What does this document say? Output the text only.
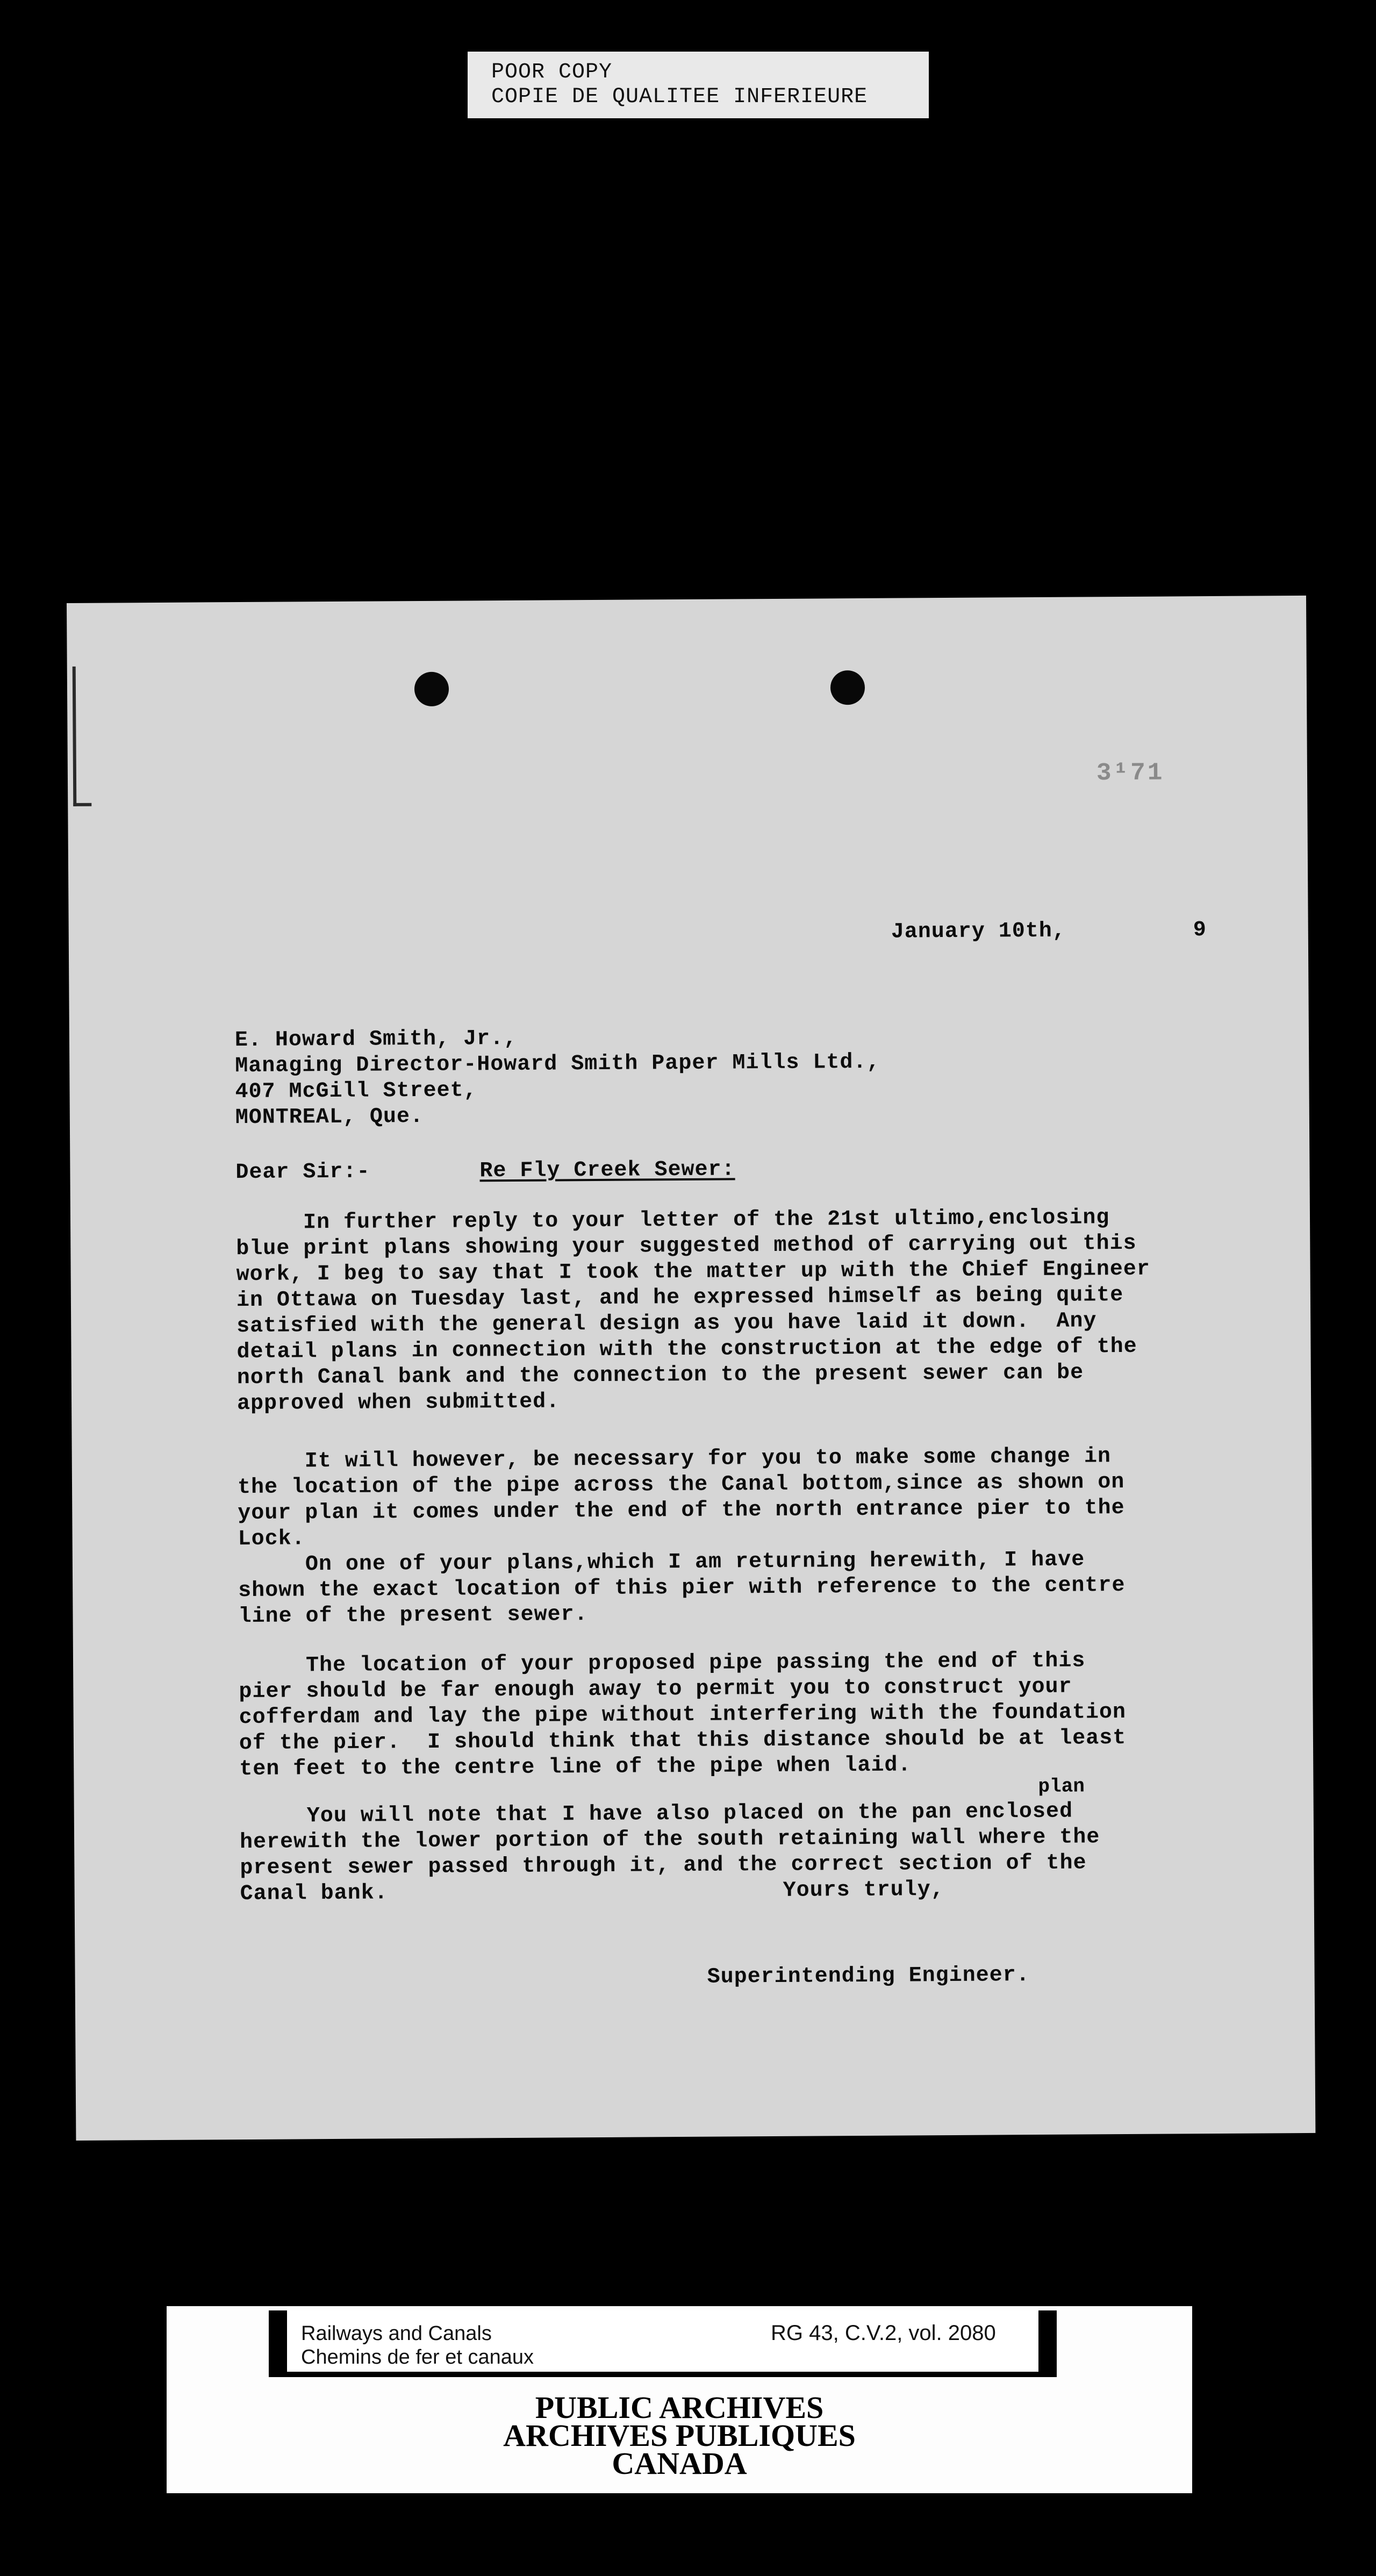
POOR COPY
COPIE DE QUALITEE INFERIEURE
3¹71
January 10th,	9
E. Howard Smith, Jr.,
Managing Director-Howard Smith Paper Mills Ltd.,
407 McGill Street,
MONTREAL, Que.
Dear Sir:-	Re Fly Creek Sewer:
In further reply to your letter of the 21st ultimo,enclosing
blue print plans showing your suggested method of carrying out this
work, I beg to say that I took the matter up with the Chief Engineer
in Ottawa on Tuesday last, and he expressed himself as being quite
satisfied with the general design as you have laid it down.  Any
detail plans in connection with the construction at the edge of the
north Canal bank and the connection to the present sewer can be
approved when submitted.
It will however, be necessary for you to make some change in
the location of the pipe across the Canal bottom,since as shown on
your plan it comes under the end of the north entrance pier to the
Lock.
On one of your plans,which I am returning herewith, I have
shown the exact location of this pier with reference to the centre
line of the present sewer.
The location of your proposed pipe passing the end of this
pier should be far enough away to permit you to construct your
cofferdam and lay the pipe without interfering with the foundation
of the pier.  I should think that this distance should be at least
ten feet to the centre line of the pipe when laid.
plan
You will note that I have also placed on the pan enclosed
herewith the lower portion of the south retaining wall where the
present sewer passed through it, and the correct section of the
Canal bank.	Yours truly,
Superintending Engineer.
Railways and Canals
Chemins de fer et canaux
RG 43, C.V.2, vol. 2080
PUBLIC ARCHIVES
ARCHIVES PUBLIQUES
CANADA
